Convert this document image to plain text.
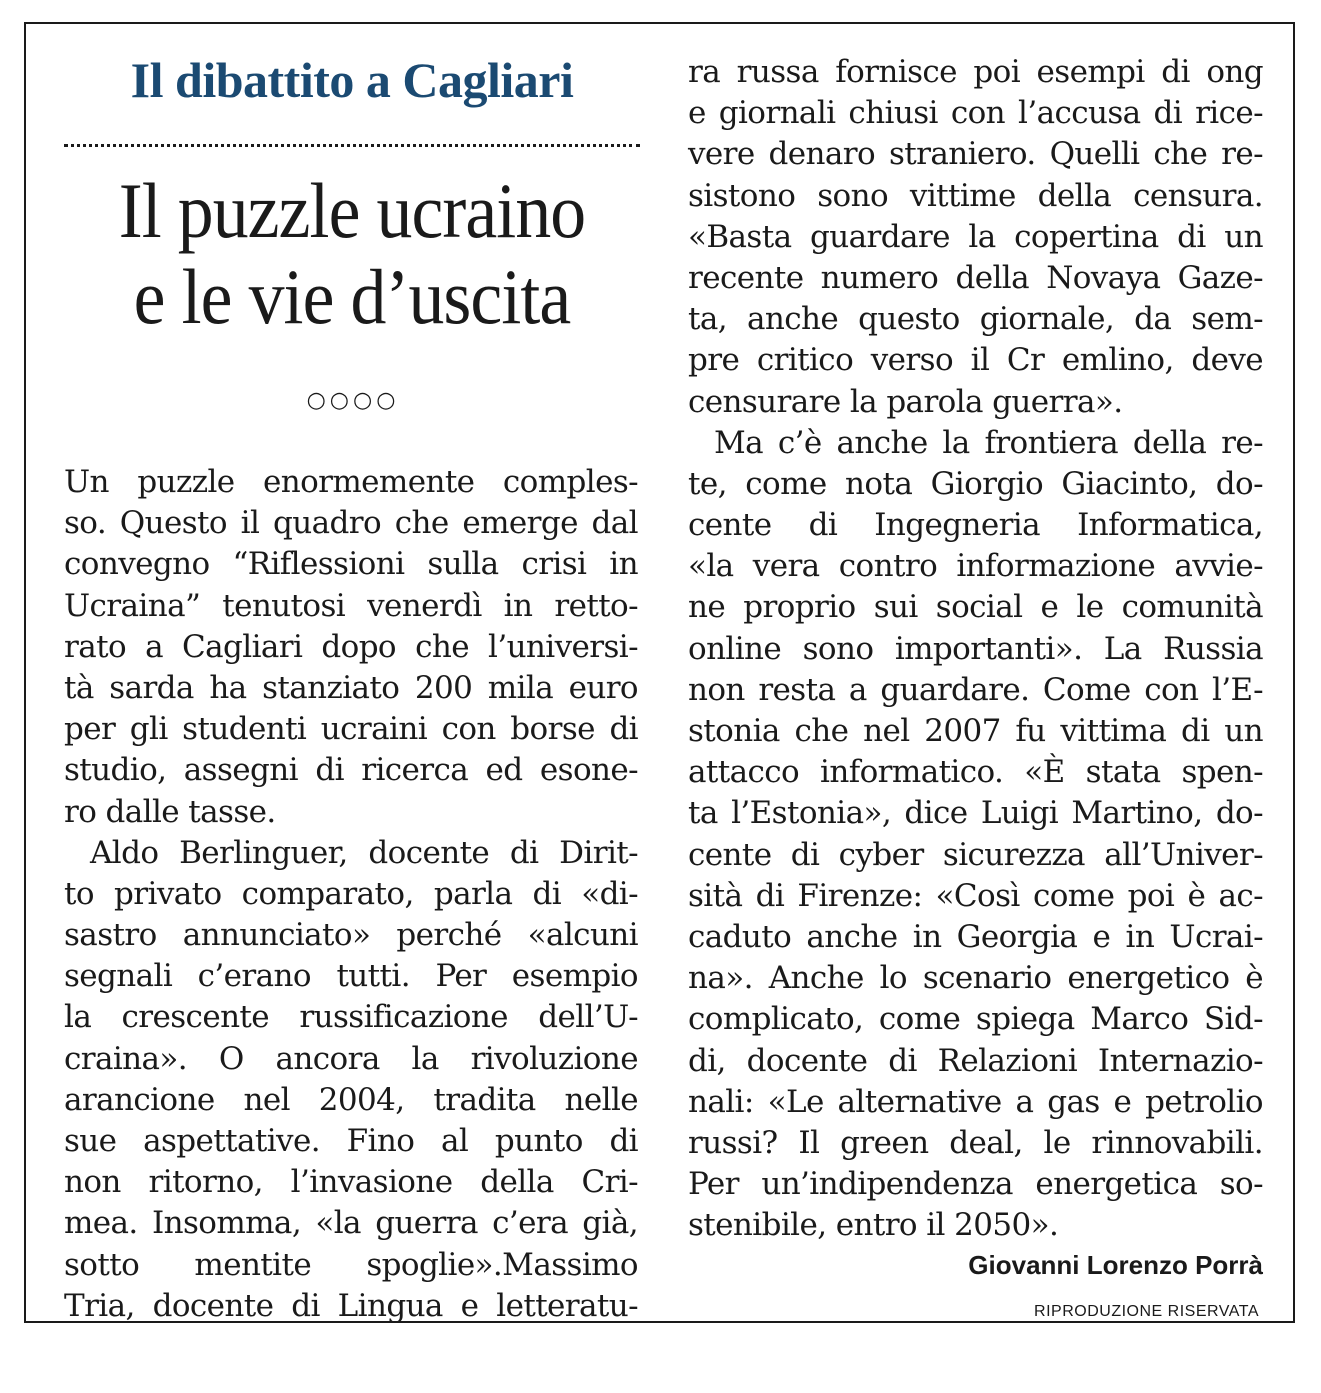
Il dibattito a Cagliari
Il puzzle ucraino
e le vie d’uscita
○○○○
Un puzzle enormemente comples-
so. Questo il quadro che emerge dal
convegno “Riflessioni sulla crisi in
Ucraina” tenutosi venerdì in retto-
rato a Cagliari dopo che l’universi-
tà sarda ha stanziato 200 mila euro
per gli studenti ucraini con borse di
studio, assegni di ricerca ed esone-
ro dalle tasse.
Aldo Berlinguer, docente di Dirit-
to privato comparato, parla di «di-
sastro annunciato» perché «alcuni
segnali c’erano tutti. Per esempio
la crescente russificazione dell’U-
craina». O ancora la rivoluzione
arancione nel 2004, tradita nelle
sue aspettative. Fino al punto di
non ritorno, l’invasione della Cri-
mea. Insomma, «la guerra c’era già,
sotto mentite spoglie».Massimo
Tria, docente di Lingua e letteratu-
ra russa fornisce poi esempi di ong
e giornali chiusi con l’accusa di rice-
vere denaro straniero. Quelli che re-
sistono sono vittime della censura.
«Basta guardare la copertina di un
recente numero della Novaya Gaze-
ta, anche questo giornale, da sem-
pre critico verso il Cr emlino, deve
censurare la parola guerra».
Ma c’è anche la frontiera della re-
te, come nota Giorgio Giacinto, do-
cente di Ingegneria Informatica,
«la vera contro informazione avvie-
ne proprio sui social e le comunità
online sono importanti». La Russia
non resta a guardare. Come con l’E-
stonia che nel 2007 fu vittima di un
attacco informatico. «È stata spen-
ta l’Estonia», dice Luigi Martino, do-
cente di cyber sicurezza all’Univer-
sità di Firenze: «Così come poi è ac-
caduto anche in Georgia e in Ucrai-
na». Anche lo scenario energetico è
complicato, come spiega Marco Sid-
di, docente di Relazioni Internazio-
nali: «Le alternative a gas e petrolio
russi? Il green deal, le rinnovabili.
Per un’indipendenza energetica so-
stenibile, entro il 2050».
Giovanni Lorenzo Porrà
RIPRODUZIONE RISERVATA
